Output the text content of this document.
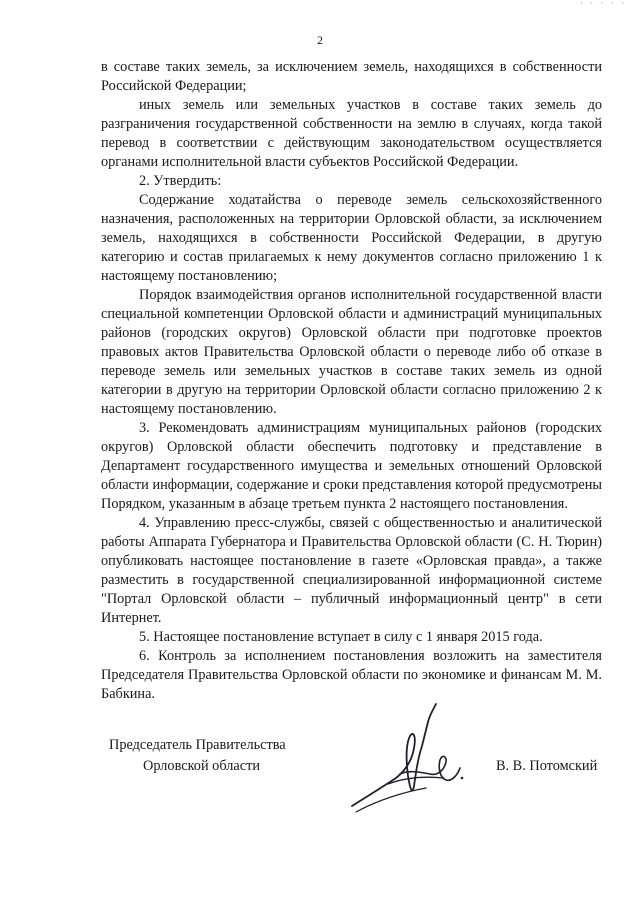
· · · · ·
2

в составе таких земель, за исключением земель, находящихся в собственности Российской Федерации;

иных земель или земельных участков в составе таких земель до разграничения государственной собственности на землю в случаях, когда такой перевод в соответствии с действующим законодательством осуществляется органами исполнительной власти субъектов Российской Федерации.

2. Утвердить:

Содержание ходатайства о переводе земель сельскохозяйственного назначения, расположенных на территории Орловской области, за исключением земель, находящихся в собственности Российской Федерации, в другую категорию и состав прилагаемых к нему документов согласно приложению 1 к настоящему постановлению;

Порядок взаимодействия органов исполнительной государственной власти специальной компетенции Орловской области и администраций муниципальных районов (городских округов) Орловской области при подготовке проектов правовых актов Правительства Орловской области о переводе либо об отказе в переводе земель или земельных участков в составе таких земель из одной категории в другую на территории Орловской области согласно приложению 2 к настоящему постановлению.

3. Рекомендовать администрациям муниципальных районов (городских округов) Орловской области обеспечить подготовку и представление в Департамент государственного имущества и земельных отношений Орловской области информации, содержание и сроки представления которой предусмотрены Порядком, указанным в абзаце третьем пункта 2 настоящего постановления.

4. Управлению пресс-службы, связей с общественностью и аналитической работы Аппарата Губернатора и Правительства Орловской области (С. Н. Тюрин) опубликовать настоящее постановление в газете «Орловская правда», а также разместить в государственной специализированной информационной системе "Портал Орловской области – публичный информационный центр" в сети Интернет.

5. Настоящее постановление вступает в силу с 1 января 2015 года.

6. Контроль за исполнением постановления возложить на заместителя Председателя Правительства Орловской области по экономике и финансам М. М. Бабкина.

Председатель Правительства
Орловской области	В. В. Потомский
